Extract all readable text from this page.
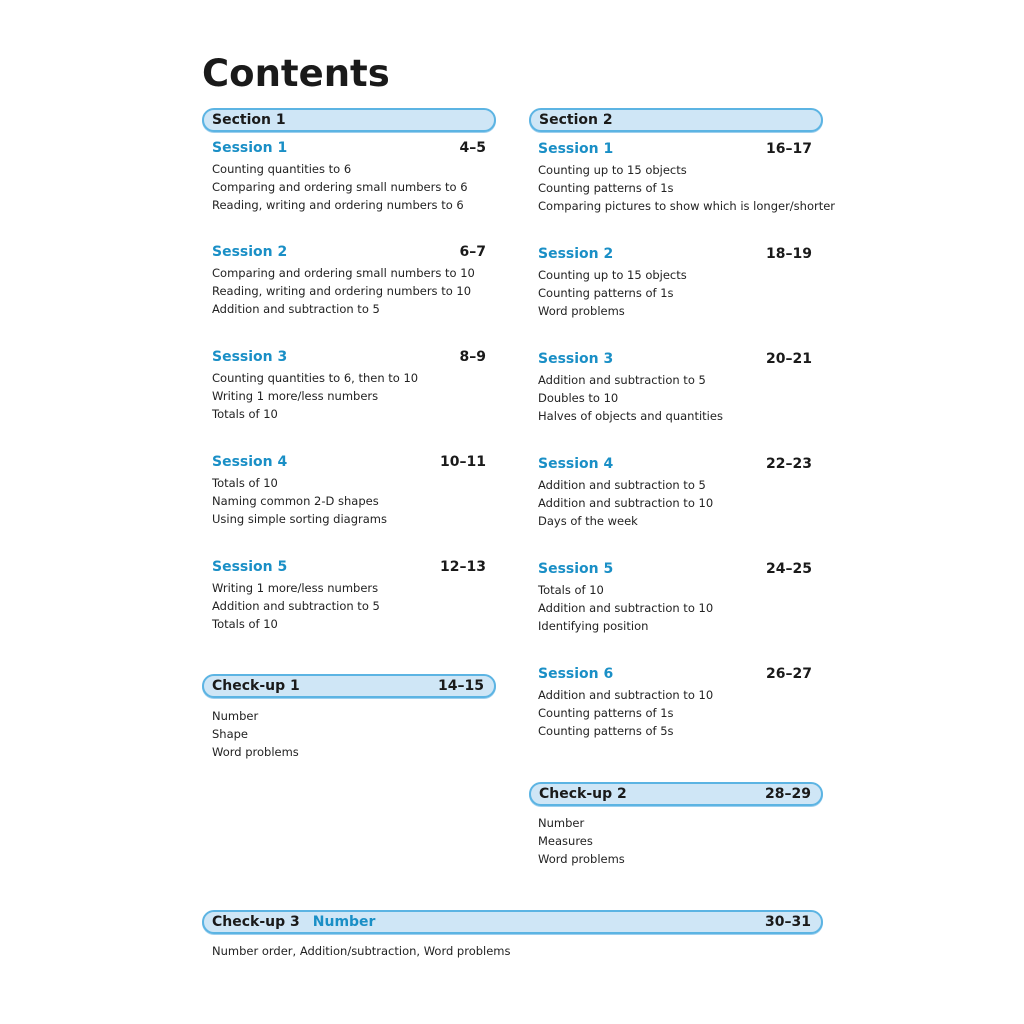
Contents
Section 1	Section 2
Session 1	4–5
Counting quantities to 6
Comparing and ordering small numbers to 6
Reading, writing and ordering numbers to 6
Session 2	6–7
Comparing and ordering small numbers to 10
Reading, writing and ordering numbers to 10
Addition and subtraction to 5
Session 3	8–9
Counting quantities to 6, then to 10
Writing 1 more/less numbers
Totals of 10
Session 4	10–11
Totals of 10
Naming common 2-D shapes
Using simple sorting diagrams
Session 5	12–13
Writing 1 more/less numbers
Addition and subtraction to 5
Totals of 10
Session 1	16–17
Counting up to 15 objects
Counting patterns of 1s
Comparing pictures to show which is longer/shorter
Session 2	18–19
Counting up to 15 objects
Counting patterns of 1s
Word problems
Session 3	20–21
Addition and subtraction to 5
Doubles to 10
Halves of objects and quantities
Session 4	22–23
Addition and subtraction to 5
Addition and subtraction to 10
Days of the week
Session 5	24–25
Totals of 10
Addition and subtraction to 10
Identifying position
Session 6	26–27
Addition and subtraction to 10
Counting patterns of 1s
Counting patterns of 5s
Check-up 1	14–15
Number
Shape
Word problems
Check-up 2	28–29
Number
Measures
Word problems
Check-up 3 Number	30–31
Number order, Addition/subtraction, Word problems
